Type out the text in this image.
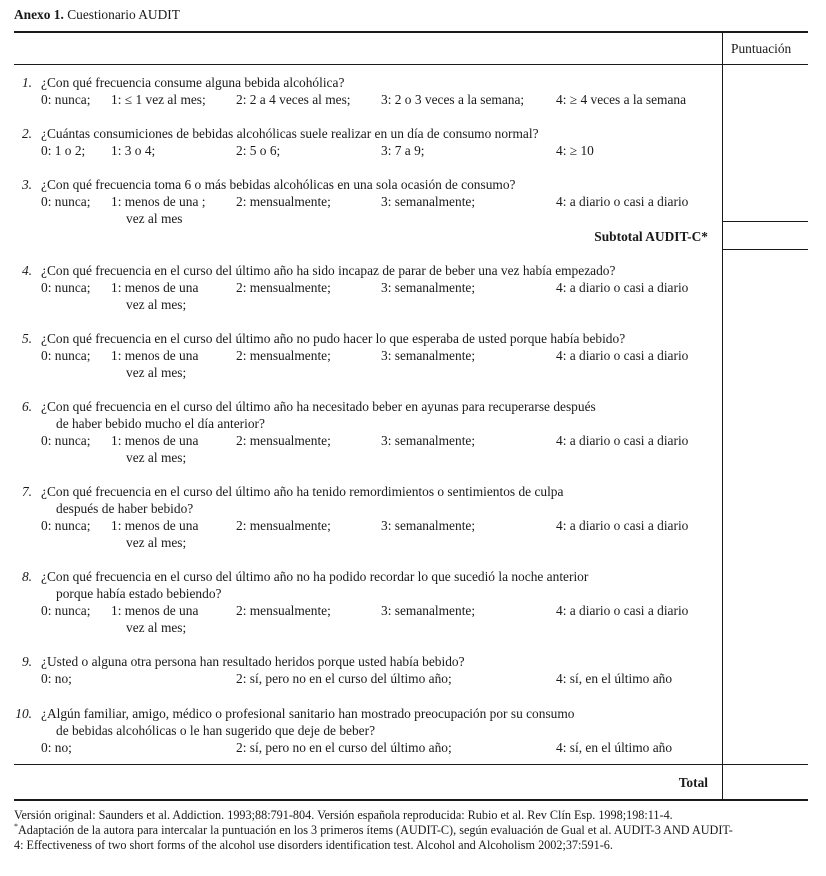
Anexo 1. Cuestionario AUDIT
Puntuación
1. ¿Con qué frecuencia consume alguna bebida alcohólica?
0: nunca; 1: ≤ 1 vez al mes; 2: 2 a 4 veces al mes; 3: 2 o 3 veces a la semana; 4: ≥ 4 veces a la semana
2. ¿Cuántas consumiciones de bebidas alcohólicas suele realizar en un día de consumo normal?
0: 1 o 2; 1: 3 o 4;	2: 5 o 6;	3: 7 a 9;	4: ≥ 10
3. ¿Con qué frecuencia toma 6 o más bebidas alcohólicas en una sola ocasión de consumo?
0: nunca; 1: menos de una ;
vez al mes
2: mensualmente;	3: semanalmente;	4: a diario o casi a diario
4. ¿Con qué frecuencia en el curso del último año ha sido incapaz de parar de beber una vez había empezado?
0: nunca; 1: menos de una
vez al mes;
2: mensualmente;	3: semanalmente;	4: a diario o casi a diario
5. ¿Con qué frecuencia en el curso del último año no pudo hacer lo que esperaba de usted porque había bebido?
0: nunca; 1: menos de una
vez al mes;
2: mensualmente;	3: semanalmente;	4: a diario o casi a diario
6. ¿Con qué frecuencia en el curso del último año ha necesitado beber en ayunas para recuperarse después
de haber bebido mucho el día anterior?
0: nunca; 1: menos de una
vez al mes;
2: mensualmente;	3: semanalmente;	4: a diario o casi a diario
7. ¿Con qué frecuencia en el curso del último año ha tenido remordimientos o sentimientos de culpa
después de haber bebido?
0: nunca; 1: menos de una
vez al mes;
2: mensualmente;	3: semanalmente;	4: a diario o casi a diario
8. ¿Con qué frecuencia en el curso del último año no ha podido recordar lo que sucedió la noche anterior
porque había estado bebiendo?
0: nunca; 1: menos de una
vez al mes;
2: mensualmente;	3: semanalmente;	4: a diario o casi a diario
9. ¿Usted o alguna otra persona han resultado heridos porque usted había bebido?
0: no;	2: sí, pero no en el curso del último año;	4: sí, en el último año
10. ¿Algún familiar, amigo, médico o profesional sanitario han mostrado preocupación por su consumo
de bebidas alcohólicas o le han sugerido que deje de beber?
0: no;	2: sí, pero no en el curso del último año;	4: sí, en el último año
Subtotal AUDIT-C*
Total
Versión original: Saunders et al. Addiction. 1993;88:791-804. Versión española reproducida: Rubio et al. Rev Clín Esp. 1998;198:11-4.
*Adaptación de la autora para intercalar la puntuación en los 3 primeros ítems (AUDIT-C), según evaluación de Gual et al. AUDIT-3 AND AUDIT-
4: Effectiveness of two short forms of the alcohol use disorders identification test. Alcohol and Alcoholism 2002;37:591-6.
